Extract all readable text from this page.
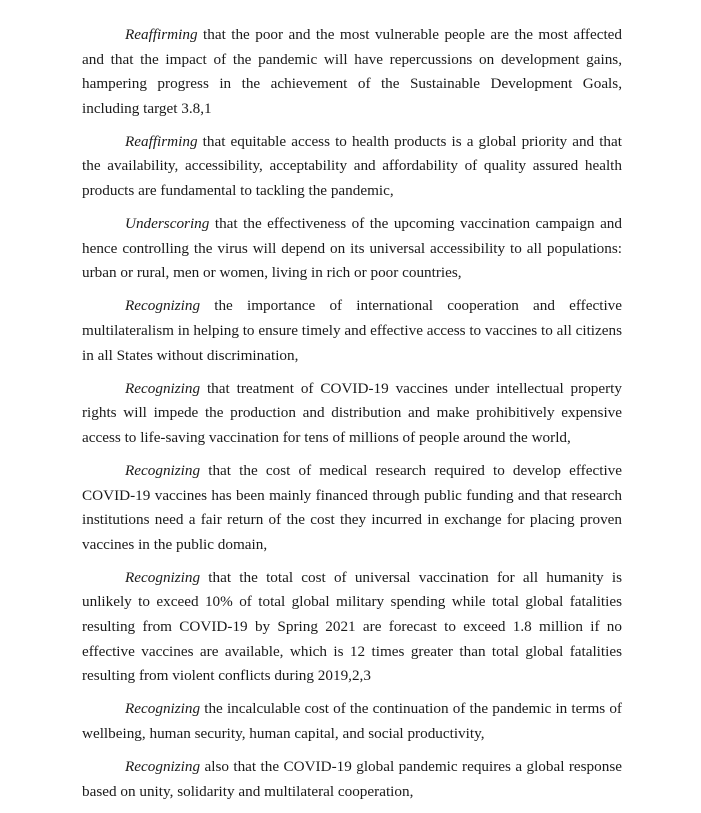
Reaffirming that the poor and the most vulnerable people are the most affected and that the impact of the pandemic will have repercussions on development gains, hampering progress in the achievement of the Sustainable Development Goals, including target 3.8,1

Reaffirming that equitable access to health products is a global priority and that the availability, accessibility, acceptability and affordability of quality assured health products are fundamental to tackling the pandemic,

Underscoring that the effectiveness of the upcoming vaccination campaign and hence controlling the virus will depend on its universal accessibility to all populations: urban or rural, men or women, living in rich or poor countries,

Recognizing the importance of international cooperation and effective multilateralism in helping to ensure timely and effective access to vaccines to all citizens in all States without discrimination,

Recognizing that treatment of COVID-19 vaccines under intellectual property rights will impede the production and distribution and make prohibitively expensive access to life-saving vaccination for tens of millions of people around the world,

Recognizing that the cost of medical research required to develop effective COVID-19 vaccines has been mainly financed through public funding and that research institutions need a fair return of the cost they incurred in exchange for placing proven vaccines in the public domain,

Recognizing that the total cost of universal vaccination for all humanity is unlikely to exceed 10% of total global military spending while total global fatalities resulting from COVID-19 by Spring 2021 are forecast to exceed 1.8 million if no effective vaccines are available, which is 12 times greater than total global fatalities resulting from violent conflicts during 2019,2,3

Recognizing the incalculable cost of the continuation of the pandemic in terms of wellbeing, human security, human capital, and social productivity,

Recognizing also that the COVID-19 global pandemic requires a global response based on unity, solidarity and multilateral cooperation,
